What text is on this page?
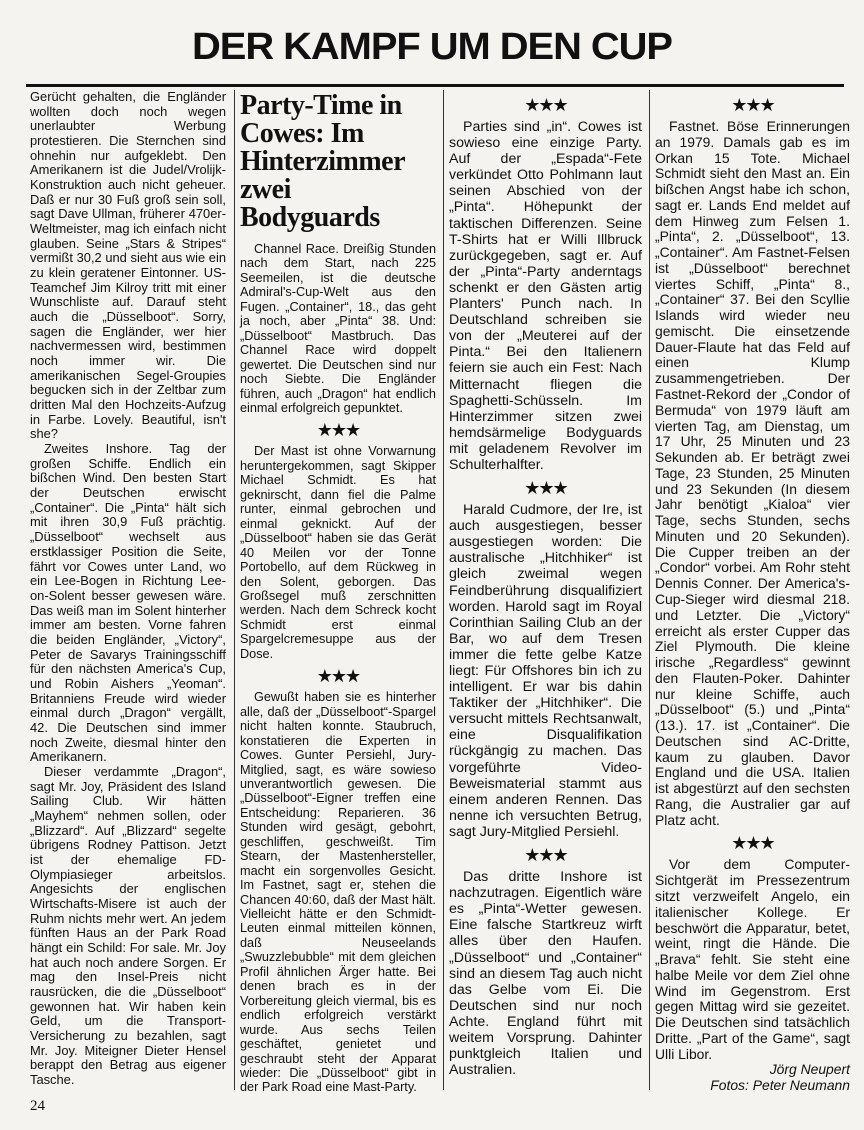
DER KAMPF UM DEN CUP

Gerücht gehalten, die Engländer wollten doch noch wegen unerlaubter Werbung protestieren. Die Sternchen sind ohnehin nur aufgeklebt. Den Amerikanern ist die Judel/Vrolijk-Konstruktion auch nicht geheuer. Daß er nur 30 Fuß groß sein soll, sagt Dave Ullman, früherer 470er-Weltmeister, mag ich einfach nicht glauben. Seine „Stars & Stripes“ vermißt 30,2 und sieht aus wie ein zu klein geratener Eintonner. US-Teamchef Jim Kilroy tritt mit einer Wunschliste auf. Darauf steht auch die „Düsselboot“. Sorry, sagen die Engländer, wer hier nachvermessen wird, bestimmen noch immer wir. Die amerikanischen Segel-Groupies begucken sich in der Zeltbar zum dritten Mal den Hochzeits-Aufzug in Farbe. Lovely. Beautiful, isn't she?

Zweites Inshore. Tag der großen Schiffe. Endlich ein bißchen Wind. Den besten Start der Deutschen erwischt „Container“. Die „Pinta“ hält sich mit ihren 30,9 Fuß prächtig. „Düsselboot“ wechselt aus erstklassiger Position die Seite, fährt vor Cowes unter Land, wo ein Lee-Bogen in Richtung Lee-on-Solent besser gewesen wäre. Das weiß man im Solent hinterher immer am besten. Vorne fahren die beiden Engländer, „Victory“, Peter de Savarys Trainingsschiff für den nächsten America's Cup, und Robin Aishers „Yeoman“. Britanniens Freude wird wieder einmal durch „Dragon“ vergällt, 42. Die Deutschen sind immer noch Zweite, diesmal hinter den Amerikanern.

Dieser verdammte „Dragon“, sagt Mr. Joy, Präsident des Island Sailing Club. Wir hätten „Mayhem“ nehmen sollen, oder „Blizzard“. Auf „Blizzard“ segelte übrigens Rodney Pattison. Jetzt ist der ehemalige FD-Olympiasieger arbeitslos. Angesichts der englischen Wirtschafts-Misere ist auch der Ruhm nichts mehr wert. An jedem fünften Haus an der Park Road hängt ein Schild: For sale. Mr. Joy hat auch noch andere Sorgen. Er mag den Insel-Preis nicht rausrücken, die die „Düsselboot“ gewonnen hat. Wir haben kein Geld, um die Transport-Versicherung zu bezahlen, sagt Mr. Joy. Miteigner Dieter Hensel berappt den Betrag aus eigener Tasche.

Party-Time in Cowes: Im Hinterzimmer zwei Bodyguards

Channel Race. Dreißig Stunden nach dem Start, nach 225 Seemeilen, ist die deutsche Admiral's-Cup-Welt aus den Fugen. „Container“, 18., das geht ja noch, aber „Pinta“ 38. Und: „Düsselboot“ Mastbruch. Das Channel Race wird doppelt gewertet. Die Deutschen sind nur noch Siebte. Die Engländer führen, auch „Dragon“ hat endlich einmal erfolgreich gepunktet.

★★★

Der Mast ist ohne Vorwarnung heruntergekommen, sagt Skipper Michael Schmidt. Es hat geknirscht, dann fiel die Palme runter, einmal gebrochen und einmal geknickt. Auf der „Düsselboot“ haben sie das Gerät 40 Meilen vor der Tonne Portobello, auf dem Rückweg in den Solent, geborgen. Das Großsegel muß zerschnitten werden. Nach dem Schreck kocht Schmidt erst einmal Spargelcremesuppe aus der Dose.

★★★

Gewußt haben sie es hinterher alle, daß der „Düsselboot“-Spargel nicht halten konnte. Staubruch, konstatieren die Experten in Cowes. Gunter Persiehl, Jury-Mitglied, sagt, es wäre sowieso unverantwortlich gewesen. Die „Düsselboot“-Eigner treffen eine Entscheidung: Reparieren. 36 Stunden wird gesägt, gebohrt, geschliffen, geschweißt. Tim Stearn, der Mastenhersteller, macht ein sorgenvolles Gesicht. Im Fastnet, sagt er, stehen die Chancen 40:60, daß der Mast hält. Vielleicht hätte er den Schmidt-Leuten einmal mitteilen können, daß Neuseelands „Swuzzlebubble“ mit dem gleichen Profil ähnlichen Ärger hatte. Bei denen brach es in der Vorbereitung gleich viermal, bis es endlich erfolgreich verstärkt wurde. Aus sechs Teilen geschäftet, genietet und geschraubt steht der Apparat wieder: Die „Düsselboot“ gibt in der Park Road eine Mast-Party.

★★★

Parties sind „in“. Cowes ist sowieso eine einzige Party. Auf der „Espada“-Fete verkündet Otto Pohlmann laut seinen Abschied von der „Pinta“. Höhepunkt der taktischen Differenzen. Seine T-Shirts hat er Willi Illbruck zurückgegeben, sagt er. Auf der „Pinta“-Party anderntags schenkt er den Gästen artig Planters' Punch nach. In Deutschland schreiben sie von der „Meuterei auf der Pinta.“ Bei den Italienern feiern sie auch ein Fest: Nach Mitternacht fliegen die Spaghetti-Schüsseln. Im Hinterzimmer sitzen zwei hemdsärmelige Bodyguards mit geladenem Revolver im Schulterhalfter.

★★★

Harald Cudmore, der Ire, ist auch ausgestiegen, besser ausgestiegen worden: Die australische „Hitchhiker“ ist gleich zweimal wegen Feindberührung disqualifiziert worden. Harold sagt im Royal Corinthian Sailing Club an der Bar, wo auf dem Tresen immer die fette gelbe Katze liegt: Für Offshores bin ich zu intelligent. Er war bis dahin Taktiker der „Hitchhiker“. Die versucht mittels Rechtsanwalt, eine Disqualifikation rückgängig zu machen. Das vorgeführte Video-Beweismaterial stammt aus einem anderen Rennen. Das nenne ich versuchten Betrug, sagt Jury-Mitglied Persiehl.

★★★

Das dritte Inshore ist nachzutragen. Eigentlich wäre es „Pinta“-Wetter gewesen. Eine falsche Startkreuz wirft alles über den Haufen. „Düsselboot“ und „Container“ sind an diesem Tag auch nicht das Gelbe vom Ei. Die Deutschen sind nur noch Achte. England führt mit weitem Vorsprung. Dahinter punktgleich Italien und Australien.

★★★

Fastnet. Böse Erinnerungen an 1979. Damals gab es im Orkan 15 Tote. Michael Schmidt sieht den Mast an. Ein bißchen Angst habe ich schon, sagt er. Lands End meldet auf dem Hinweg zum Felsen 1. „Pinta“, 2. „Düsselboot“, 13. „Container“. Am Fastnet-Felsen ist „Düsselboot“ berechnet viertes Schiff, „Pinta“ 8., „Container“ 37. Bei den Scyllie Islands wird wieder neu gemischt. Die einsetzende Dauer-Flaute hat das Feld auf einen Klump zusammengetrieben. Der Fastnet-Rekord der „Condor of Bermuda“ von 1979 läuft am vierten Tag, am Dienstag, um 17 Uhr, 25 Minuten und 23 Sekunden ab. Er beträgt zwei Tage, 23 Stunden, 25 Minuten und 23 Sekunden (In diesem Jahr benötigt „Kialoa“ vier Tage, sechs Stunden, sechs Minuten und 20 Sekunden). Die Cupper treiben an der „Condor“ vorbei. Am Rohr steht Dennis Conner. Der America's-Cup-Sieger wird diesmal 218. und Letzter. Die „Victory“ erreicht als erster Cupper das Ziel Plymouth. Die kleine irische „Regardless“ gewinnt den Flauten-Poker. Dahinter nur kleine Schiffe, auch „Düsselboot“ (5.) und „Pinta“ (13.). 17. ist „Container“. Die Deutschen sind AC-Dritte, kaum zu glauben. Davor England und die USA. Italien ist abgestürzt auf den sechsten Rang, die Australier gar auf Platz acht.

★★★

Vor dem Computer-Sichtgerät im Pressezentrum sitzt verzweifelt Angelo, ein italienischer Kollege. Er beschwört die Apparatur, betet, weint, ringt die Hände. Die „Brava“ fehlt. Sie steht eine halbe Meile vor dem Ziel ohne Wind im Gegenstrom. Erst gegen Mittag wird sie gezeitet. Die Deutschen sind tatsächlich Dritte. „Part of the Game“, sagt Ulli Libor.

Jörg Neupert

Fotos: Peter Neumann

24
